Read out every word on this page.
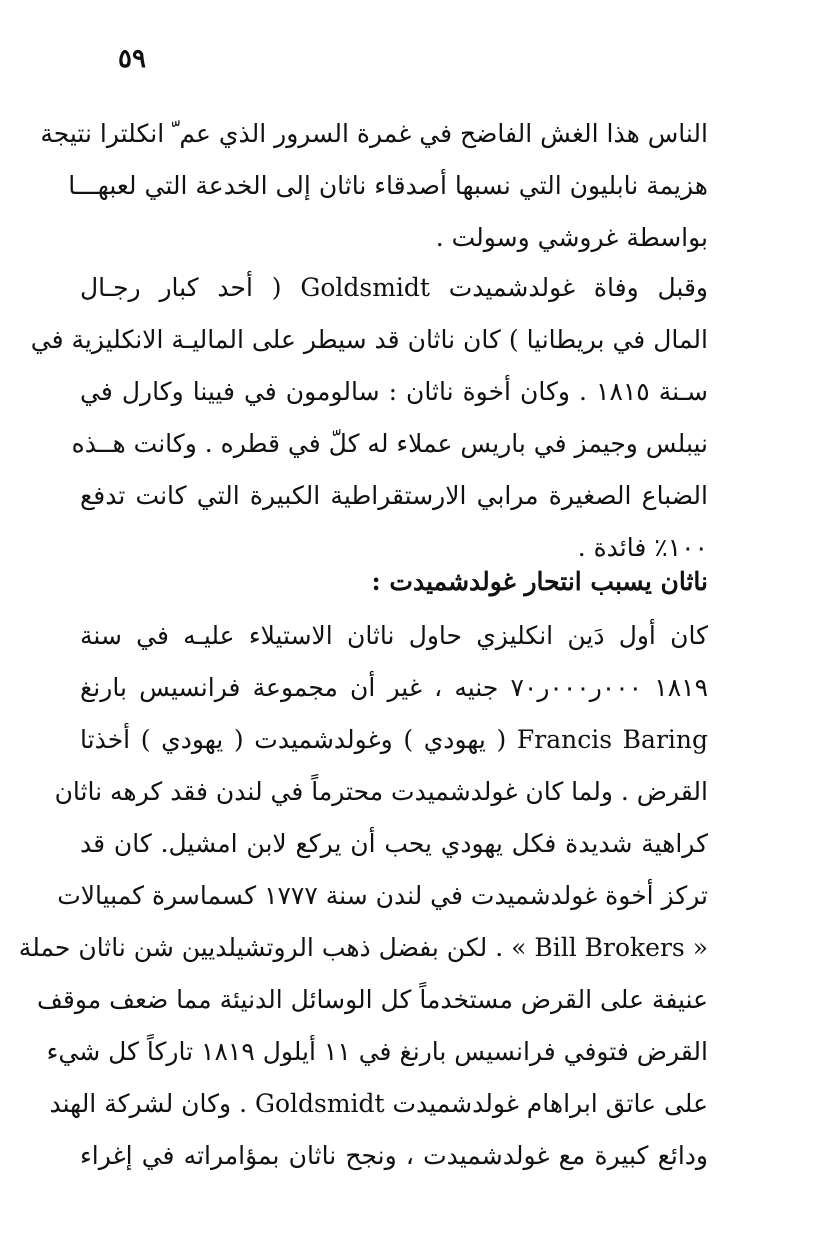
٥٩
الناس هذا الغش الفاضح في غمرة السرور الذي عم ّ انكلترا نتيجة
هزيمة نابليون التي نسبها أصدقاء ناثان إلى الخدعة التي لعبهـــا
بواسطة غروشي وسولت .
وقبل وفاة غولدشميدت Goldsmidt ( أحد كبار رجـال
المال في بريطانيا ) كان ناثان قد سيطر على الماليـة الانكليزية في
سـنة ١٨١٥ . وكان أخوة ناثان : سالومون في فيينا وكارل في
نيبلس وجيمز في باريس عملاء له كلّ في قطره . وكانت هــذه
الضباع الصغيرة مرابي الارستقراطية الكبيرة التي كانت تدفع
١٠٠٪ فائدة .
ناثان يسبب انتحار غولدشميدت :
كان أول دَين انكليزي حاول ناثان الاستيلاء عليـه في سنة
١٨١٩ ٠٠٠ر٠٠٠ر٧٠ جنيه ، غير أن مجموعة فرانسيس بارنغ
Francis Baring ( يهودي ) وغولدشميدت ( يهودي ) أخذتا
القرض . ولما كان غولدشميدت محترماً في لندن فقد كرهه ناثان
كراهية شديدة فكل يهودي يحب أن يركع لابن امشيل. كان قد
تركز أخوة غولدشميدت في لندن سنة ١٧٧٧ كسماسرة كمبيالات
« Bill Brokers » . لكن بفضل ذهب الروتشيلديين شن ناثان حملة
عنيفة على القرض مستخدماً كل الوسائل الدنيئة مما ضعف موقف
القرض فتوفي فرانسيس بارنغ في ١١ أيلول ١٨١٩ تاركاً كل شيء
على عاتق ابراهام غولدشميدت Goldsmidt . وكان لشركة الهند
ودائع كبيرة مع غولدشميدت ، ونجح ناثان بمؤامراته في إغراء
